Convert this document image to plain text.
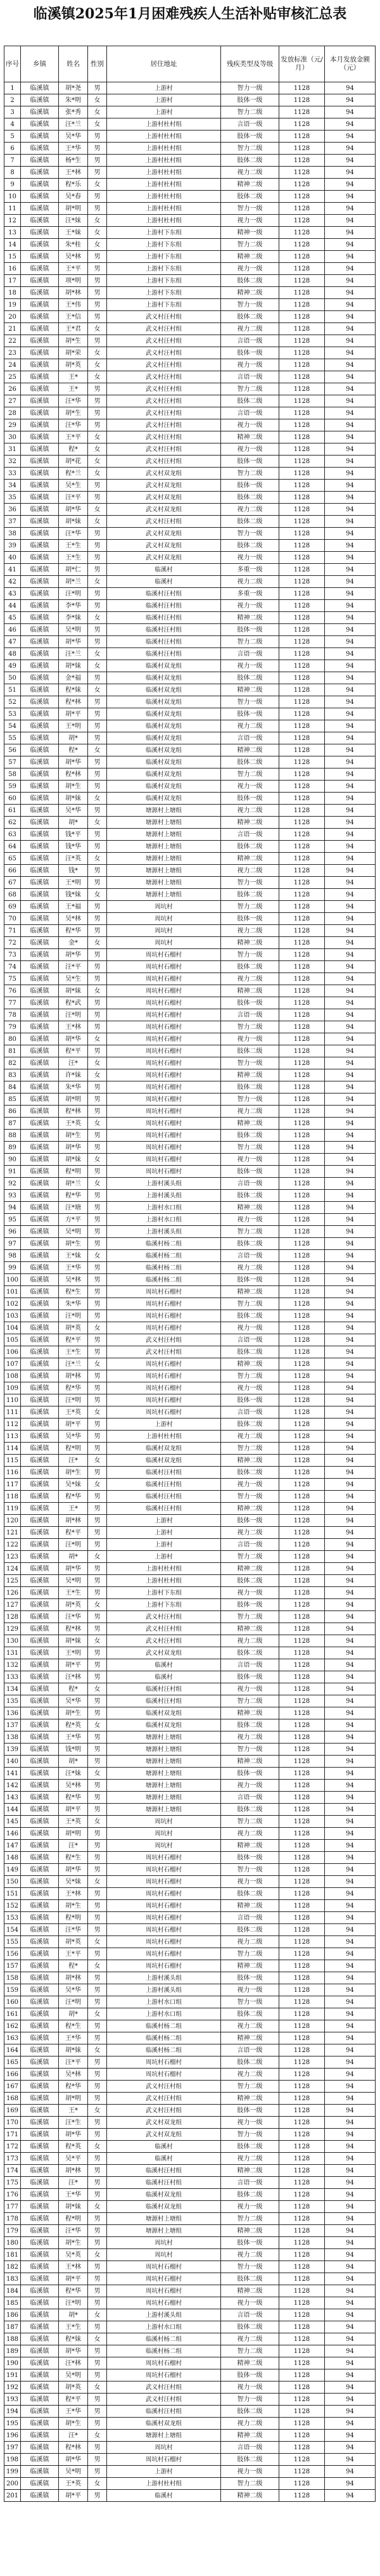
临溪镇2025年1月困难残疾人生活补贴审核汇总表
序号	乡镇	姓名	性别	居住地址	残疾类型及等级	发放标准（元/月）	本月发放金额（元）
1	临溪镇	胡*尧	男	上游村	智力一级	1128	94
2	临溪镇	朱*明	女	上游村	肢体一级	1128	94
3	临溪镇	张*秀	女	上游村	智力二级	1128	94
4	临溪镇	汪*兰	女	上游村杜村组	言语一级	1128	94
5	临溪镇	吴*华	男	上游村杜村组	肢体一级	1128	94
6	临溪镇	王*华	男	上游村杜村组	智力二级	1128	94
7	临溪镇	杨*生	男	上游村杜村组	肢体二级	1128	94
8	临溪镇	王*林	男	上游村杜村组	视力二级	1128	94
9	临溪镇	程*乐	女	上游村杜村组	精神二级	1128	94
10	临溪镇	吴*春	男	上游村杜村组	肢体二级	1128	94
11	临溪镇	胡*明	男	上游村杜村组	智力一级	1128	94
12	临溪镇	汪*妹	女	上游村杜村组	视力一级	1128	94
13	临溪镇	王*妹	女	上游村下东组	精神一级	1128	94
14	临溪镇	朱*桂	女	上游村下东组	智力二级	1128	94
15	临溪镇	吴*林	男	上游村下东组	精神二级	1128	94
16	临溪镇	王*平	男	上游村下东组	视力一级	1128	94
17	临溪镇	项*明	男	上游村下东组	肢体二级	1128	94
18	临溪镇	胡*林	男	上游村下东组	精神二级	1128	94
19	临溪镇	王*伟	男	上游村下东组	智力一级	1128	94
20	临溪镇	王*信	男	武义村汪村组	肢体二级	1128	94
21	临溪镇	王*君	女	武义村汪村组	视力二级	1128	94
22	临溪镇	胡*生	男	武义村汪村组	言语一级	1128	94
23	临溪镇	胡*荣	女	武义村汪村组	肢体一级	1128	94
24	临溪镇	胡*英	女	武义村汪村组	视力一级	1128	94
25	临溪镇	王*	女	武义村汪村组	言语一级	1128	94
26	临溪镇	王*	男	武义村汪村组	智力二级	1128	94
27	临溪镇	汪*华	男	武义村汪村组	肢体二级	1128	94
28	临溪镇	胡*生	男	武义村汪村组	言语一级	1128	94
29	临溪镇	汪*华	男	武义村汪村组	视力一级	1128	94
30	临溪镇	王*平	女	武义村汪村组	精神二级	1128	94
31	临溪镇	程*	女	武义村汪村组	视力一级	1128	94
32	临溪镇	胡*花	女	武义村汪村组	肢体一级	1128	94
33	临溪镇	程*兰	女	武义村双龙组	智力二级	1128	94
34	临溪镇	吴*生	男	武义村双龙组	肢体一级	1128	94
35	临溪镇	汪*平	男	武义村双龙组	肢体二级	1128	94
36	临溪镇	胡*华	女	武义村双龙组	视力二级	1128	94
37	临溪镇	胡*妹	女	武义村汪村组	肢体二级	1128	94
38	临溪镇	汪*华	男	武义村双龙组	智力一级	1128	94
39	临溪镇	王*生	男	武义村双龙组	肢体二级	1128	94
40	临溪镇	王*生	男	武义村双龙组	视力一级	1128	94
41	临溪镇	胡*仁	男	临溪村	多重一级	1128	94
42	临溪镇	胡*兰	女	临溪村	视力二级	1128	94
43	临溪镇	汪*明	男	临溪村汪村组	多重一级	1128	94
44	临溪镇	李*华	男	临溪村汪村组	视力一级	1128	94
45	临溪镇	李*妹	女	临溪村汪村组	精神二级	1128	94
46	临溪镇	吴*明	男	临溪村汪村组	肢体一级	1128	94
47	临溪镇	胡*华	男	临溪村汪村组	智力二级	1128	94
48	临溪镇	汪*兰	女	临溪村汪村组	言语一级	1128	94
49	临溪镇	胡*妹	女	临溪村双龙组	视力一级	1128	94
50	临溪镇	金*福	男	临溪村双龙组	肢体二级	1128	94
51	临溪镇	程*妹	女	临溪村双龙组	精神二级	1128	94
52	临溪镇	程*林	男	临溪村双龙组	智力一级	1128	94
53	临溪镇	胡*平	男	临溪村双龙组	肢体一级	1128	94
54	临溪镇	王*明	男	临溪村双龙组	视力二级	1128	94
55	临溪镇	胡*	男	临溪村双龙组	言语一级	1128	94
56	临溪镇	程*	女	临溪村双龙组	精神二级	1128	94
57	临溪镇	胡*华	男	临溪村双龙组	肢体二级	1128	94
58	临溪镇	程*林	男	临溪村双龙组	智力二级	1128	94
59	临溪镇	胡*生	男	临溪村双龙组	视力一级	1128	94
60	临溪镇	胡*妹	女	临溪村双龙组	肢体一级	1128	94
61	临溪镇	吴*华	男	塘源村上塘组	视力二级	1128	94
62	临溪镇	胡*	女	塘源村上塘组	精神二级	1128	94
63	临溪镇	钱*平	男	塘源村上塘组	言语一级	1128	94
64	临溪镇	钱*华	男	塘源村上塘组	肢体二级	1128	94
65	临溪镇	汪*英	女	塘源村上塘组	精神二级	1128	94
66	临溪镇	钱*	男	塘源村上塘组	视力二级	1128	94
67	临溪镇	王*明	男	塘源村上塘组	智力一级	1128	94
68	临溪镇	钱*妹	女	塘源村上塘组	肢体二级	1128	94
69	临溪镇	王*福	男	周坑村	智力二级	1128	94
70	临溪镇	吴*林	男	周坑村	肢体一级	1128	94
71	临溪镇	程*华	男	周坑村	视力二级	1128	94
72	临溪镇	金*	女	周坑村	精神二级	1128	94
73	临溪镇	胡*华	男	周坑村石榴村	智力一级	1128	94
74	临溪镇	汪*平	男	周坑村石榴村	肢体二级	1128	94
75	临溪镇	吴*生	男	周坑村石榴村	视力二级	1128	94
76	临溪镇	胡*妹	女	周坑村石榴村	精神二级	1128	94
77	临溪镇	程*武	男	周坑村石榴村	肢体一级	1128	94
78	临溪镇	汪*明	男	周坑村石榴村	言语一级	1128	94
79	临溪镇	王*林	男	周坑村石榴村	智力二级	1128	94
80	临溪镇	胡*华	女	周坑村石榴村	视力一级	1128	94
81	临溪镇	程*平	男	周坑村石榴村	肢体二级	1128	94
82	临溪镇	汪*	女	周坑村石榴村	智力一级	1128	94
83	临溪镇	许*妹	女	周坑村石榴村	精神二级	1128	94
84	临溪镇	朱*华	男	周坑村石榴村	肢体二级	1128	94
85	临溪镇	胡*明	男	周坑村石榴村	智力一级	1128	94
86	临溪镇	程*林	男	周坑村石榴村	视力二级	1128	94
87	临溪镇	王*英	女	周坑村石榴村	精神二级	1128	94
88	临溪镇	胡*生	男	周坑村石榴村	肢体二级	1128	94
89	临溪镇	胡*华	男	周坑村石榴村	智力二级	1128	94
90	临溪镇	胡*妹	女	周坑村石榴村	视力一级	1128	94
91	临溪镇	程*明	男	周坑村石榴村	肢体一级	1128	94
92	临溪镇	胡*兰	女	上游村溪头组	言语一级	1128	94
93	临溪镇	程*华	男	上游村溪头组	肢体二级	1128	94
94	临溪镇	汪*塘	男	上游村水口组	精神二级	1128	94
95	临溪镇	方*平	男	上游村水口组	视力一级	1128	94
96	临溪镇	吴*明	男	上游村溪头组	智力二级	1128	94
97	临溪镇	胡*生	男	临溪村杨二组	肢体二级	1128	94
98	临溪镇	王*妹	女	临溪村杨二组	言语一级	1128	94
99	临溪镇	王*华	男	临溪村杨二组	视力二级	1128	94
100	临溪镇	吴*林	男	临溪村杨二组	肢体一级	1128	94
101	临溪镇	程*生	男	周坑村石榴村	精神二级	1128	94
102	临溪镇	朱*华	男	周坑村石榴村	智力二级	1128	94
103	临溪镇	汪*明	男	周坑村石榴村	肢体二级	1128	94
104	临溪镇	胡*英	女	周坑村石榴村	视力一级	1128	94
105	临溪镇	程*平	男	武义村汪村组	言语一级	1128	94
106	临溪镇	王*生	男	武义村汪村组	肢体二级	1128	94
107	临溪镇	汪*兰	女	周坑村石榴村	精神二级	1128	94
108	临溪镇	胡*林	男	周坑村石榴村	智力二级	1128	94
109	临溪镇	程*华	男	周坑村石榴村	视力一级	1128	94
110	临溪镇	汪*明	男	周坑村石榴村	肢体一级	1128	94
111	临溪镇	王*英	女	周坑村石榴村	言语一级	1128	94
112	临溪镇	胡*平	男	上游村	肢体二级	1128	94
113	临溪镇	吴*华	男	上游村杜村组	视力二级	1128	94
114	临溪镇	程*明	男	临溪村双龙组	智力二级	1128	94
115	临溪镇	汪*	女	临溪村双龙组	精神二级	1128	94
116	临溪镇	胡*生	男	临溪村汪村组	肢体二级	1128	94
117	临溪镇	吴*妹	女	临溪村汪村组	视力一级	1128	94
118	临溪镇	程*华	男	临溪村汪村组	智力一级	1128	94
119	临溪镇	王*	男	临溪村汪村组	精神二级	1128	94
120	临溪镇	胡*林	男	上游村	肢体一级	1128	94
121	临溪镇	程*平	男	上游村	视力二级	1128	94
122	临溪镇	汪*明	男	上游村	言语一级	1128	94
123	临溪镇	胡*	女	上游村	智力二级	1128	94
124	临溪镇	胡*华	男	上游村杜村组	精神二级	1128	94
125	临溪镇	吴*明	男	上游村杜村组	肢体二级	1128	94
126	临溪镇	王*生	男	上游村下东组	视力一级	1128	94
127	临溪镇	胡*英	女	上游村下东组	肢体一级	1128	94
128	临溪镇	汪*华	男	武义村汪村组	智力二级	1128	94
129	临溪镇	程*林	男	武义村汪村组	精神二级	1128	94
130	临溪镇	胡*妹	女	武义村汪村组	视力二级	1128	94
131	临溪镇	王*明	男	武义村双龙组	肢体二级	1128	94
132	临溪镇	胡*平	男	临溪村	言语一级	1128	94
133	临溪镇	汪*林	男	临溪村	肢体一级	1128	94
134	临溪镇	程*	女	临溪村汪村组	视力一级	1128	94
135	临溪镇	吴*华	男	临溪村汪村组	智力二级	1128	94
136	临溪镇	胡*生	男	临溪村双龙组	精神二级	1128	94
137	临溪镇	程*英	女	临溪村双龙组	肢体二级	1128	94
138	临溪镇	王*华	男	塘源村上塘组	视力二级	1128	94
139	临溪镇	钱*明	男	塘源村上塘组	智力一级	1128	94
140	临溪镇	胡*	男	塘源村上塘组	精神二级	1128	94
141	临溪镇	汪*妹	女	塘源村上塘组	肢体一级	1128	94
142	临溪镇	吴*林	男	塘源村上塘组	视力一级	1128	94
143	临溪镇	程*华	男	塘源村上塘组	言语一级	1128	94
144	临溪镇	胡*平	男	塘源村上塘组	肢体二级	1128	94
145	临溪镇	王*英	女	周坑村	智力二级	1128	94
146	临溪镇	胡*明	男	周坑村	视力二级	1128	94
147	临溪镇	汪*	男	周坑村	精神二级	1128	94
148	临溪镇	程*生	男	周坑村石榴村	肢体一级	1128	94
149	临溪镇	胡*华	男	周坑村石榴村	智力一级	1128	94
150	临溪镇	吴*妹	女	周坑村石榴村	视力一级	1128	94
151	临溪镇	王*林	男	周坑村石榴村	肢体二级	1128	94
152	临溪镇	胡*生	男	周坑村石榴村	精神二级	1128	94
153	临溪镇	程*明	男	周坑村石榴村	言语一级	1128	94
154	临溪镇	汪*华	男	周坑村石榴村	肢体二级	1128	94
155	临溪镇	胡*英	女	周坑村石榴村	视力二级	1128	94
156	临溪镇	王*平	男	周坑村石榴村	智力二级	1128	94
157	临溪镇	程*	女	周坑村石榴村	精神二级	1128	94
158	临溪镇	胡*林	男	上游村溪头组	肢体一级	1128	94
159	临溪镇	吴*华	男	上游村溪头组	视力一级	1128	94
160	临溪镇	汪*明	男	上游村水口组	智力一级	1128	94
161	临溪镇	胡*	女	上游村水口组	肢体二级	1128	94
162	临溪镇	程*生	男	临溪村杨二组	视力二级	1128	94
163	临溪镇	王*华	男	临溪村杨二组	精神二级	1128	94
164	临溪镇	胡*妹	女	临溪村杨二组	言语一级	1128	94
165	临溪镇	汪*平	男	周坑村石榴村	肢体二级	1128	94
166	临溪镇	吴*林	男	周坑村石榴村	视力二级	1128	94
167	临溪镇	程*华	男	武义村汪村组	智力二级	1128	94
168	临溪镇	胡*明	男	武义村汪村组	精神二级	1128	94
169	临溪镇	王*	女	武义村汪村组	肢体一级	1128	94
170	临溪镇	汪*生	男	武义村双龙组	视力一级	1128	94
171	临溪镇	胡*华	男	武义村双龙组	智力一级	1128	94
172	临溪镇	程*英	女	临溪村	肢体二级	1128	94
173	临溪镇	吴*平	男	临溪村	视力二级	1128	94
174	临溪镇	胡*林	男	临溪村汪村组	精神二级	1128	94
175	临溪镇	汪*	男	临溪村汪村组	言语一级	1128	94
176	临溪镇	王*华	男	临溪村双龙组	肢体二级	1128	94
177	临溪镇	胡*妹	女	临溪村双龙组	视力一级	1128	94
178	临溪镇	程*明	男	塘源村上塘组	智力二级	1128	94
179	临溪镇	汪*华	男	塘源村上塘组	精神二级	1128	94
180	临溪镇	胡*生	男	周坑村	肢体一级	1128	94
181	临溪镇	吴*英	女	周坑村	视力二级	1128	94
182	临溪镇	王*林	男	周坑村石榴村	智力一级	1128	94
183	临溪镇	胡*平	男	周坑村石榴村	肢体二级	1128	94
184	临溪镇	程*华	男	周坑村石榴村	精神二级	1128	94
185	临溪镇	汪*明	男	周坑村石榴村	视力一级	1128	94
186	临溪镇	胡*	女	上游村溪头组	言语一级	1128	94
187	临溪镇	王*生	男	上游村水口组	肢体二级	1128	94
188	临溪镇	程*妹	女	临溪村杨二组	视力二级	1128	94
189	临溪镇	胡*华	男	临溪村杨二组	智力二级	1128	94
190	临溪镇	汪*林	男	周坑村石榴村	精神二级	1128	94
191	临溪镇	吴*明	男	周坑村石榴村	肢体一级	1128	94
192	临溪镇	胡*英	女	武义村汪村组	视力一级	1128	94
193	临溪镇	程*平	男	武义村汪村组	智力一级	1128	94
194	临溪镇	王*华	男	临溪村汪村组	肢体二级	1128	94
195	临溪镇	胡*生	男	临溪村双龙组	视力二级	1128	94
196	临溪镇	汪*	女	塘源村上塘组	精神二级	1128	94
197	临溪镇	程*林	男	周坑村	言语一级	1128	94
198	临溪镇	胡*华	男	周坑村石榴村	肢体二级	1128	94
199	临溪镇	吴*明	男	上游村	视力一级	1128	94
200	临溪镇	王*英	女	上游村杜村组	智力二级	1128	94
201	临溪镇	胡*平	男	临溪村	精神二级	1128	94
